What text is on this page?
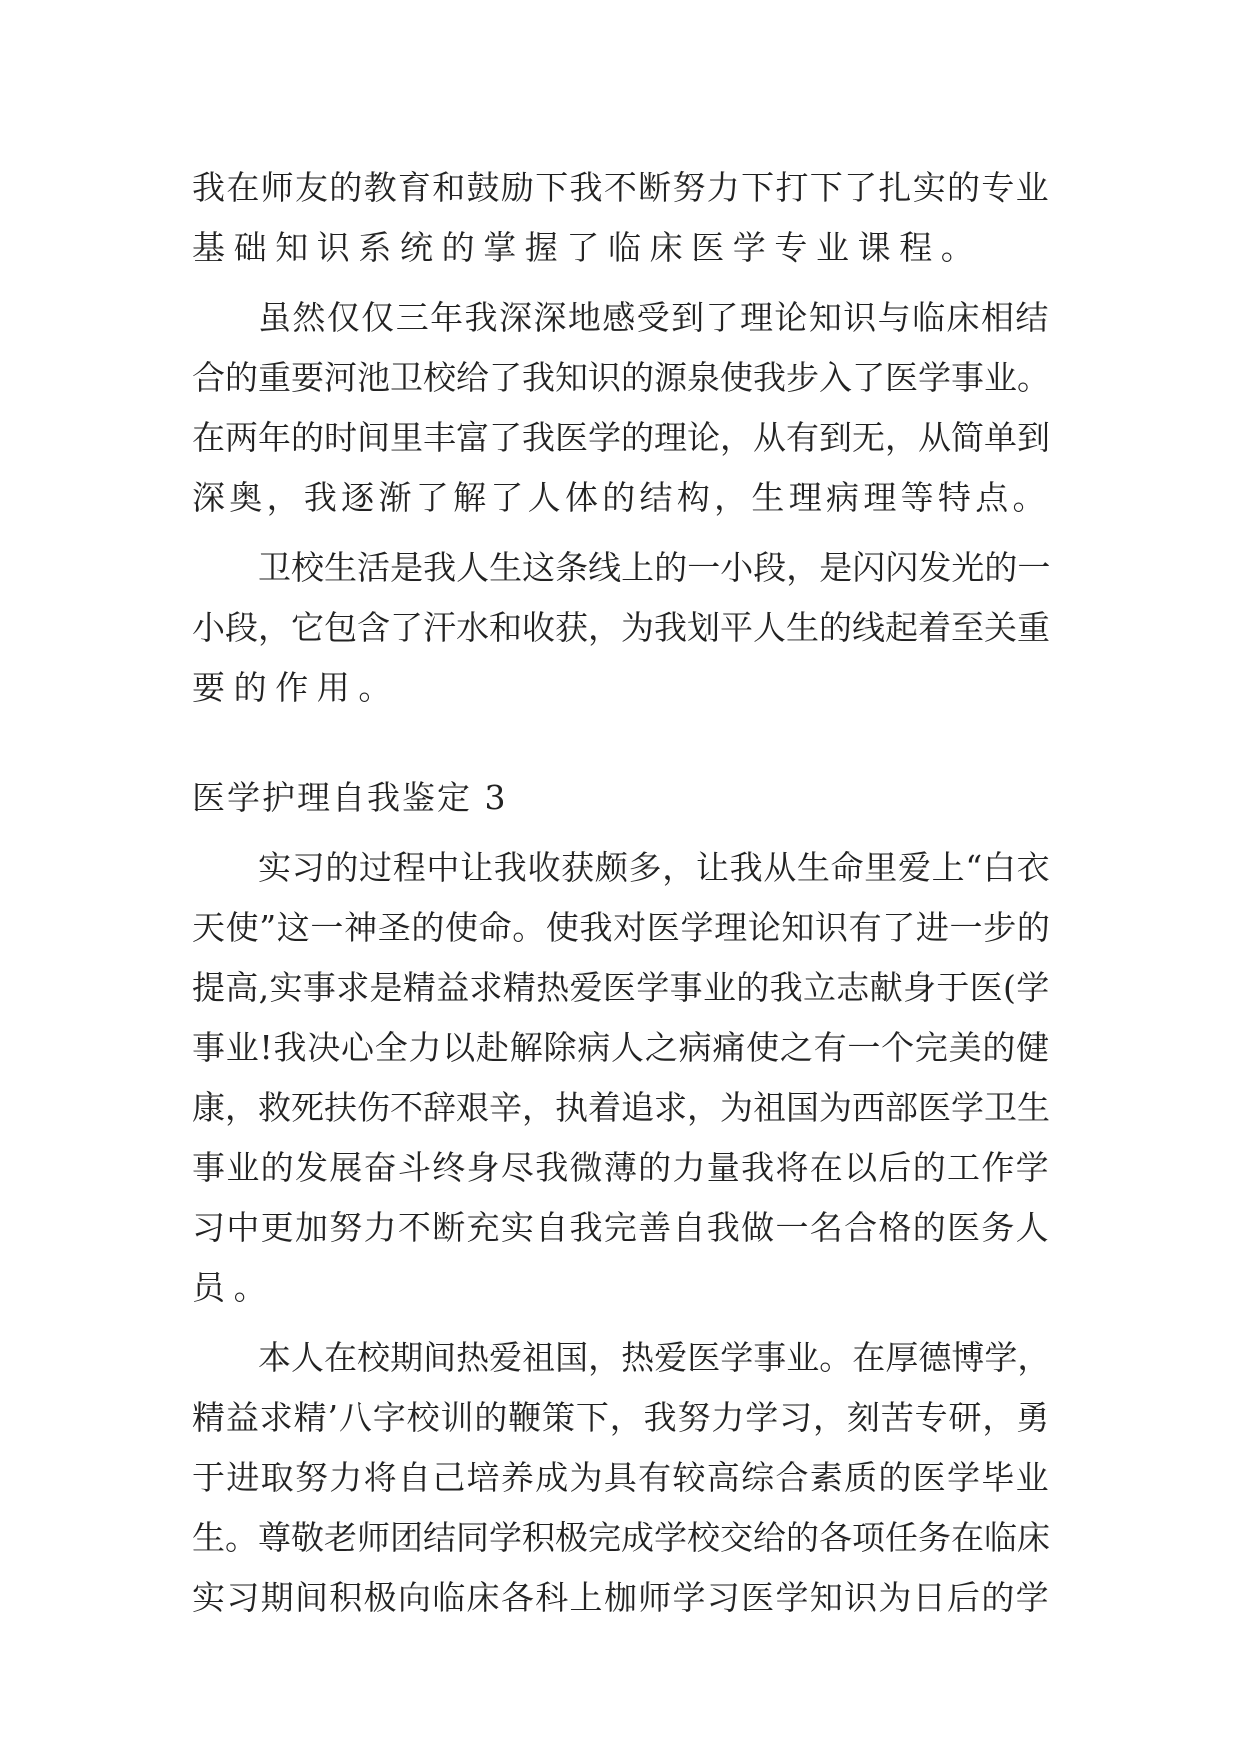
我在师友的教育和鼓励下我不断努力下打下了扎实的专业
基础知识系统的掌握了临床医学专业课程。
虽然仅仅三年我深深地感受到了理论知识与临床相结
合的重要河池卫校给了我知识的源泉使我步入了医学事业。
在两年的时间里丰富了我医学的理论，从有到无，从简单到
深奥，我逐渐了解了人体的结构，生理病理等特点。
卫校生活是我人生这条线上的一小段，是闪闪发光的一
小段，它包含了汗水和收获，为我划平人生的线起着至关重
要的作用。
医学护理自我鉴定 3
实习的过程中让我收获颇多，让我从生命里爱上“白衣
天使”这一神圣的使命。使我对医学理论知识有了进一步的
提高,实事求是精益求精热爱医学事业的我立志献身于医(学
事业!我决心全力以赴解除病人之病痛使之有一个完美的健
康，救死扶伤不辞艰辛，执着追求，为祖国为西部医学卫生
事业的发展奋斗终身尽我微薄的力量我将在以后的工作学
习中更加努力不断充实自我完善自我做一名合格的医务人
员。
本人在校期间热爱祖国，热爱医学事业。在厚德博学，
精益求精’八字校训的鞭策下，我努力学习，刻苦专研，勇
于进取努力将自己培养成为具有较高综合素质的医学毕业
生。尊敬老师团结同学积极完成学校交给的各项任务在临床
实习期间积极向临床各科上枷师学习医学知识为日后的学
